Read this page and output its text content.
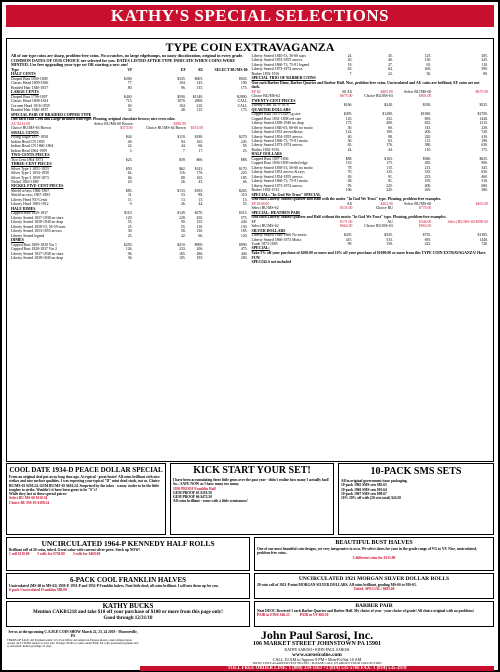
KATHY'S SPECIAL SELECTIONS
TYPE COIN EXTRAVAGANZA
All of our type coins are sharp, problem-free coins. No scratches, no large edgebumps, no nasty discoloration, original in every grade. COMMON DATES OF OUR CHOICE are selected for you. DATES LISTED AFTER TYPE INDICATE WHEN COINS WERE MINTED. Use free upgrading your type set OR starting a new one!
Type	VF	EF	AU	SELECT BU/MS-60
HALF CENTS				
Draped Bust 1800-1808	$200.	$335.	$605.	$945.
Classic Head 1809-1836	77.	104.	145.	190.
Braided Hair 1840-1857	80.	96.	135.	175.
LARGE CENTS				
Draped Bust 1796-1807	$440.	$590.	$1340.	$2800.
Classic Head 1808-1814	715.	1070.	2860.	CALL
Coronet Head 1816-1839	60.	104.	210.	CALL
Braided Hair 1840-1857	32.	48.	115.	175.
SPECIAL PAIR OF BRAIDED COPPER TYPE				
One each Half Cent and Large Braided Hair type. Pleasing, original chocolate brown; nice even color.				
AU $214.00	Select BU/MS-60 Brown	$288.00		
Choice BU/MS-63 Brown	$373.00	Choice BU/MS-64 Brown	$551.00	
SMALL CENTS				
Flying Eagle 1857-1858	$44.	$110.	$180.	$270.
Indian Head CN 1859	40.	94.	165.	245.
Indian Head CN 1860-1864	22.	44.	66.	95.
Indian Head 1864-1909	3.	7.	17.	25.
TWO CENTS PIECES				
Two Cent 1864-1873	$23.	$39.	$66.	$88.
THREE-CENT PIECES				
Silver Type 1 1851-1853	$50.	$62.	$143.	$170.
Silver Type 2 1854-1858	62.	116.	176.	225.
Silver Type 3 1859-1873	66.	88.	165.	185.
Nickel 1865-1889	20.	26.	43.	66.
NICKEL FIVE-CENT PIECES				
Shield w/rays 1866-1867	$85.	$133.	$185.	$265.
Shield no rays 1867-1883	31.	53.	88.	110.
Liberty Head NO Cents	11.	13.	13.	15.
Liberty Head 1883-1912	9.	26.	44.	55.
HALF DIMES				
Capped Bust 1829-1837	$110.	$149.	$270.	$315.
Liberty Seated 1837-1838 no stars	129.	228.	450.	575.
Liberty Seated 1838-1840 no drap	55.	90.	155.	240.
Liberty Seated 1838-53, 56-59 stars	25.	55.	110.	130.
Liberty Seated 1853-1855 arrows	30.	58.	130.	185.
Liberty Seated legend	25.	42.	66.	120.
DIMES				
Capped Bust 1809-1828 Var 1	$250.	$410.	$900.	$990.
Capped Bust 1828-1837 Var 2	126.	233.	206.	475.
Liberty Seated 1837-1838 no stars	96.	165.	286.	440.
Liberty Seated 1838-1840 no drap	36.	105.	195.	290.
Liberty Seated 1840-53, 56-60 stars	24.	45.	125.	205.
Liberty Seated 1853-1855 arrows	20.	46.	130.	245.
Liberty Seated 1860-73, 75-91 legend	19.	27.	65.	110.
Liberty Seated 1873-1874 arrows	65.	64.	265.	390.
Barber 1892-1916	7.	22.	50.	80.
SPECIAL TRIO OF BARBER COINS				
One each Barber Dime, Barber Quarter and Barber Half. Nice, problem-free coins. Uncirculated and AU coins are brilliant; EF coins are not dark.				
EF $2	60 AU	$405.00	Select BU/MS-60	$675.00
Choice BU/MS-62	$675.00	Choice BU/MS-63	$801.00	
TWENTY-CENT PIECES				
Twenty-Cent 1875-1878	$166.	$240.	$330.	$525.
QUARTER DOLLARS				
Capped Bust 1815-1828 Lg size	$495.	$1280.	$1830.	$2700.
Capped Bust 1831-1838 red size	145.	252.	695.	1440.
Liberty Seated 1838-1840 no drap	175.	400.	825.	1215.
Liberty Seated 1840-65, 66-66 no motto	30.	60.	145.	230.
Liberty Seated 1853 arrows&rays	122.	100.	200.	720.
Liberty Seated 1854-1855 arrows	40.	88.	220.	410.
Liberty Seated 1866-73, 75-91 motto	30.	63.	115.	190.
Liberty Seated 1873-1874 arrows	65.	176.	380.	630.
Barber 1892-1916	24.	44.	110.	175.
HALF DOLLARS				
Capped Bust 1807-1836	$88.	$163.	$360.	$625.
Capped Bust 1836-1839 reeded edge	110.	175.	285.	900.
Liberty Seated 1838-53, 56-66 no motto	78.	115.	215.	345.
Liberty Seated 1853 arrows & rays	70.	125.	335.	650.
Liberty Seated 1854-1855 arrows	49.	91.	225.	460.
Liberty Seated 1866-73, 75-91 motto	48.	81.	195.	310.
Liberty Seated 1873-1874 arrows	95.	225.	400.	680.
Barber 1892-1915	106.	245.	265.	380.
SPECIAL: "In God We Trust" SPECIAL				
One each Liberty Seated Quarter and Half with the motto "In God We Trust" type. Pleasing, problem-free examples.				
EF $168.00	AU	$262.00	Select BU/MS-60	$465.00
Select BU/MS-62	$535.00	Choice BU	$770.00	
SPECIAL: HEATHEN PAIR				
One each Liberty Seated Quarter and Half without the motto "In God We Trust" type. Pleasing, problem-free examples.				
EF	$171.00	AU	$346.00	Select BU/MS-60 $588.00
Select BU/MS-62	$662.00	Choice BU/MS-63	$963.00	
SILVER DOLLARS				
Liberty Seated 1840-1866 No motto	$435.	$545.	$735.	$1385.
Liberty Seated 1866-1873 Motto	415.	533.	695.	1440.
Trade 1873-1885	99.	158.	225.	720.
SPECIAL:				
Take 5% off your purchase of $200.00 or more and 10% off your purchase of $1000.00 or more from this TYPE COIN EXTRAVAGANZA! Have FUN!				
SPECIALS not included				
COOL DATE 1934-D PEACE DOLLAR SPECIAL
From an original deal put away long time ago. As typical - great luster! All coins brilliant with nice strikes and nice surface qualities. I was expecting your typical "D" mint dead stock, not so. Choice BU/MS-63 $230.24. GEM BU/MS-65 $610.24. Surprised by the tokes - waxay cooler to be the little tougher to strike. Wouldn't it have been great to be "S"s?
While they last at these special prices:
Select BU MS-60 $110.34
Choice BU MS-63 $189.34
KICK START YOUR SET!
I have been accumulating these little gems over the past year - didn't realize how many I actually had! So... SAVE NOW as I have many too many.
1950 PROOF Franklin Half
GEM PROOF 65 $118.50
GEM PROOF 66 $472.50
All coins brilliant - some with a little semicameo!
10-PACK SMS SETS
All in original government issue packaging.
10-pack 1965 SMS sets $85.65
10-pack 1966 SMS sets $91.64
10-pack 1967 SMS sets $99.67
10% 20% off with (20 sets total) $24.50
UNCIRCULATED 1964-P KENNEDY HALF ROLLS
Brilliant roll of 20 coins, tubed. Great value with current silver price. Stock up NOW!
1 roll $110.00 5 rolls for $750.00 3 rolls for $469.00
BEAUTIFUL BUST HALVES
One of our most beautiful coin designs, yet very inexpensive to own. We select dates for your in the grade range of VG to VF. Nice, uncirculated, problem-free coins.
3 different coins for $215.00
6-PACK COOL FRANKLIN HALVES
Uncirculated (MS-60 to MS-62) 1950-P, 1951-P and 1952-P Franklin halves. Neat little deal; all coins brilliant. I will mix them up for you.
6-pack Uncirculated Franklins $88.00
UNCIRCULATED 1921 MORGAN SILVER DOLLAR ROLLS
20-coin roll of 1921-P mint MORGAN SILVER DOLLARS. All coins brilliant, grading MS-60 to MS-63.
Tubed. SPECIAL! $685.00
KATHY BUCKS
Mention CAKB1218 and take $10 off your purchase of $100 or more from this page only!
Good through 12/31/18
BARBER PAIR
Neat DUOC Received 1 each Barber Quarter and Barber Half. My choice of year - your choice of grade! All choice original with no problems!
PAIR in FINE $46.25	PAIR in VF $68.50
See us at the upcoming C.A.M.P. COIN SHOW March 22, 23, 24 2019 - Monroeville, PA
TERMS OF SALE: All Payment terms: U.S. Post Office and American Express money orders shipped upon receipt. ALL ITEMS subject to prior sale. Postage: $5.00 on orders under $500. All coins guaranteed genuine and as described. Return privilege 14 days.
John Paul Sarosi, Inc.
106 MARKET STREET JOHNSTOWN PA 15901
KATHY SAROSI • JOHN PAUL SAROSI
www.sarosicoins.com
CALL 10 AM to Approx 9 PM • Mon-Fri/Sat 10 AM
WANT LISTS AGGRESSIVELY FILLED • PLEASE CALL US ABOUT YOUR COLLECTION
TOLL FREE ORDER LINE: 1 (800) 334-1163 +1 (814) 535-5766 FAX: 1 (814) 535-2978
